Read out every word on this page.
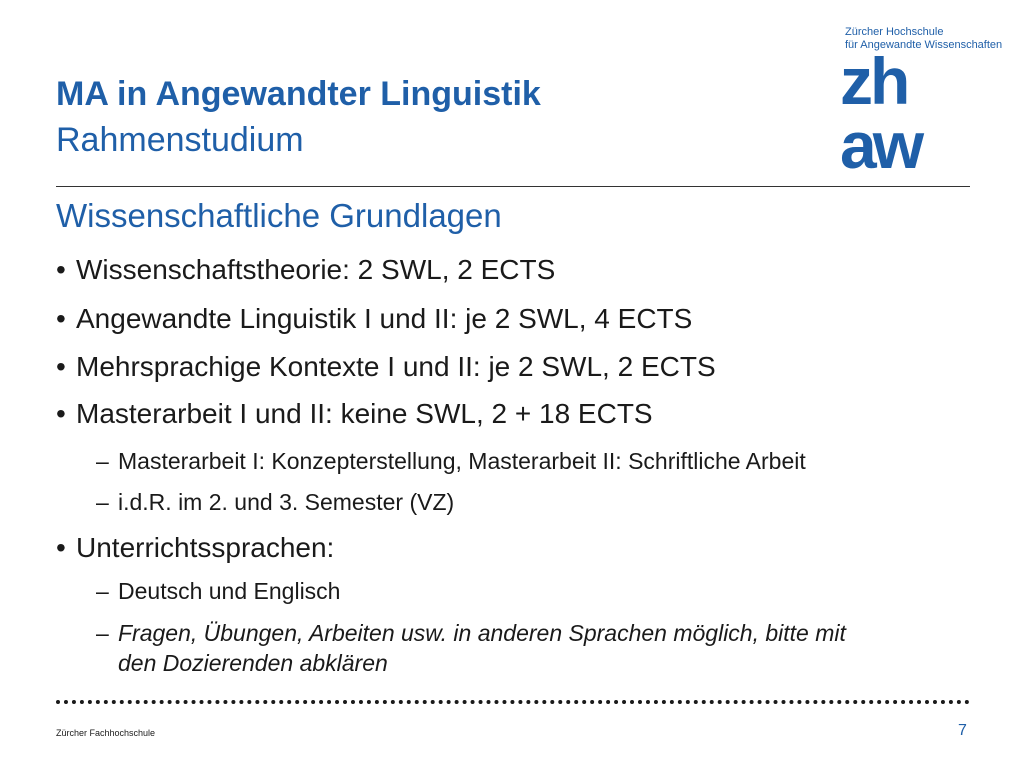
MA in Angewandter Linguistik
Rahmenstudium
Zürcher Hochschule
für Angewandte Wissenschaften
zh
aw
Wissenschaftliche Grundlagen
• Wissenschaftstheorie: 2 SWL, 2 ECTS
• Angewandte Linguistik I und II: je 2 SWL, 4 ECTS
• Mehrsprachige Kontexte I und II: je 2 SWL, 2 ECTS
• Masterarbeit I und II: keine SWL, 2 + 18 ECTS
– Masterarbeit I: Konzepterstellung, Masterarbeit II: Schriftliche Arbeit
– i.d.R. im 2. und 3. Semester (VZ)
• Unterrichtssprachen:
– Deutsch und Englisch
– Fragen, Übungen, Arbeiten usw. in anderen Sprachen möglich, bitte mit
den Dozierenden abklären
Zürcher Fachhochschule	7
